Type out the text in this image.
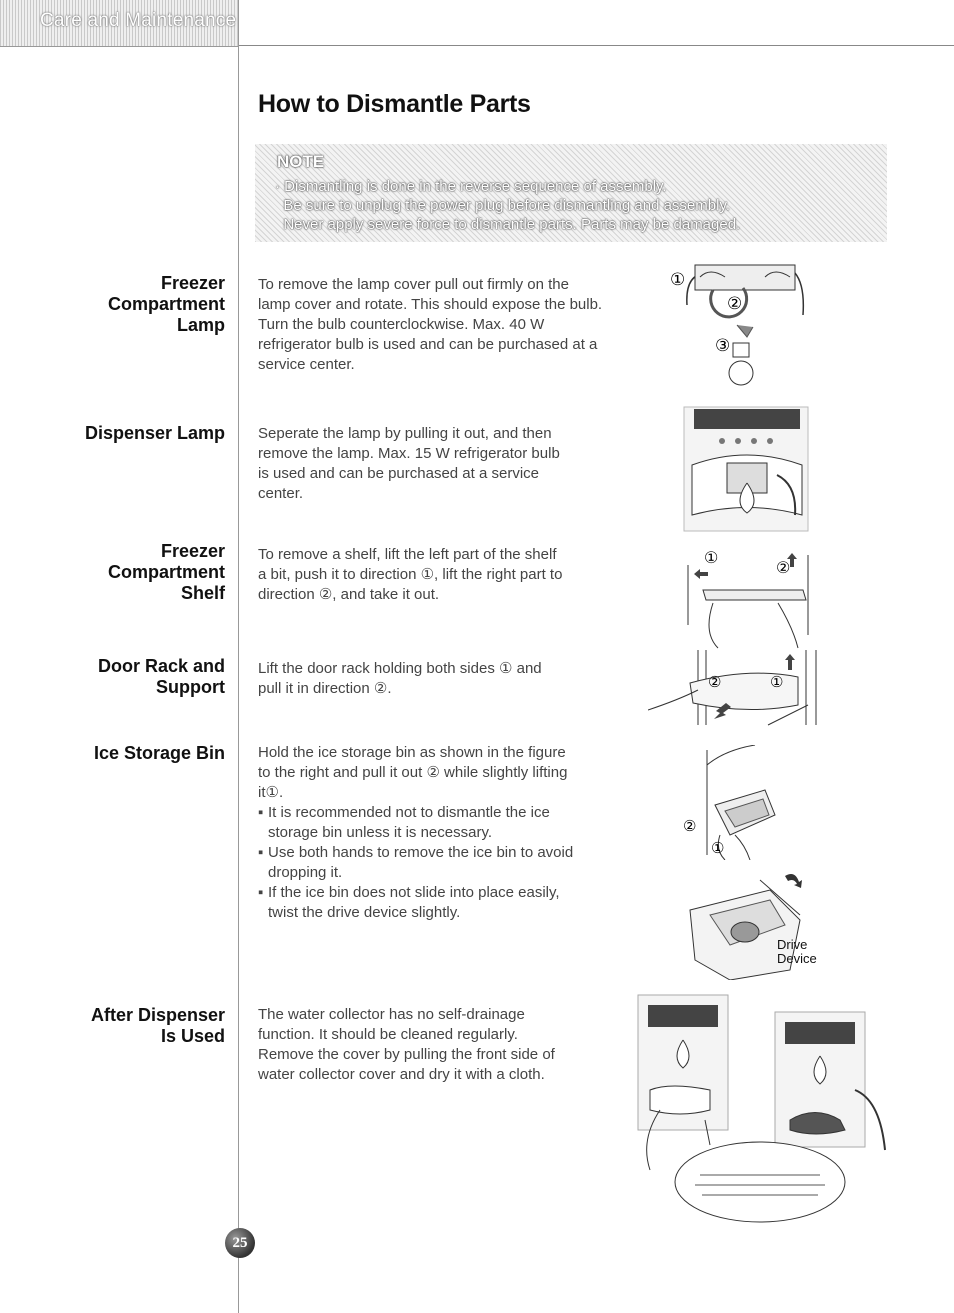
Care and Maintenance
How to Dismantle Parts
NOTE
· Dismantling is done in the reverse sequence of assembly.
Be sure to unplug the power plug before dismantling and assembly.
Never apply severe force to dismantle parts. Parts may be damaged.
Freezer
Compartment
Lamp

To remove the lamp cover pull out firmly on the

lamp cover and rotate. This should expose the bulb.

Turn the bulb counterclockwise. Max. 40 W

refrigerator bulb is used and can be purchased at a

service center.

①
②
③
Dispenser Lamp Seperate the lamp by pulling it out, and then

remove the lamp. Max. 15 W refrigerator bulb

is used and can be purchased at a service

center.

Freezer
Compartment
Shelf

To remove a shelf, lift the left part of the shelf

a bit, push it to direction ①, lift the right part to

direction ②, and take it out.

①
②
Door Rack and
Support

Lift the door rack holding both sides ① and

pull it in direction ②.	②	①
Ice Storage Bin Hold the ice storage bin as shown in the figure

to the right and pull it out ② while slightly lifting

it①.

▪ It is recommended not to dismantle the ice
storage bin unless it is necessary.

▪ Use both hands to remove the ice bin to avoid
dropping it.

▪ If the ice bin does not slide into place easily,
twist the drive device slightly.

②
①
Drive
Device
After Dispenser
Is Used

The water collector has no self-drainage

function. It should be cleaned regularly.

Remove the cover by pulling the front side of

water collector cover and dry it with a cloth.

25
